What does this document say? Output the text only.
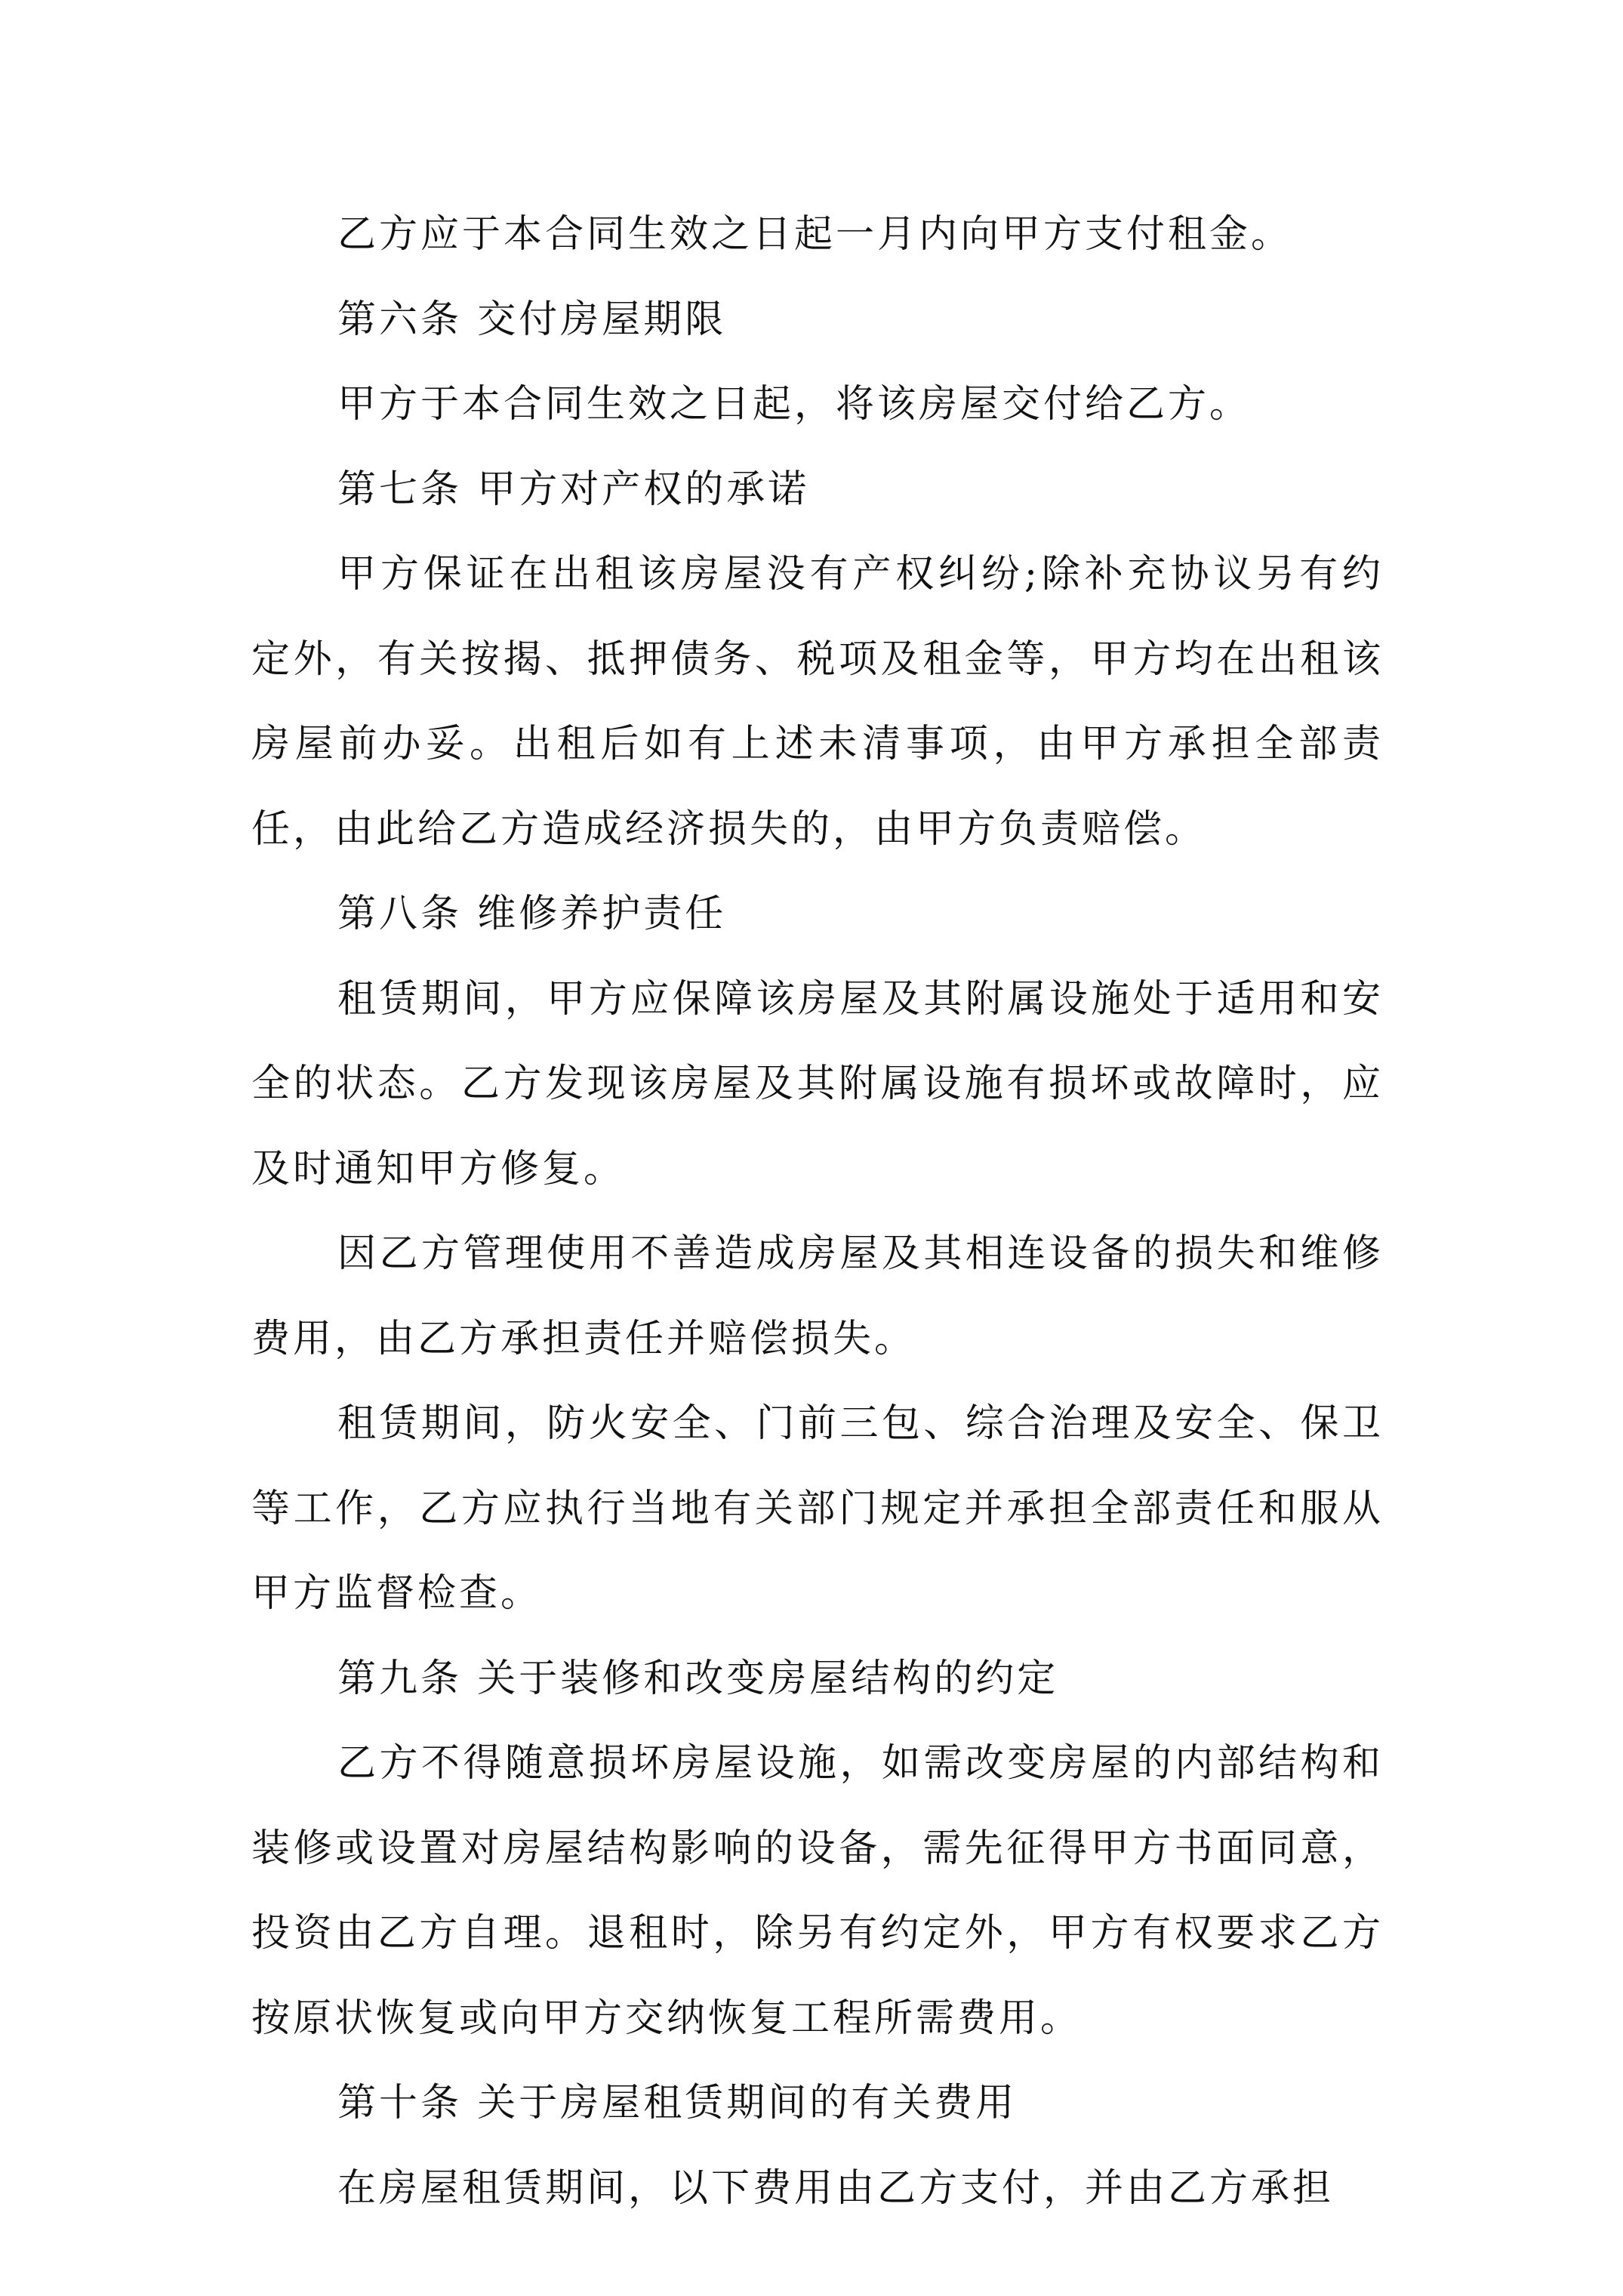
乙方应于本合同生效之日起一月内向甲方支付租金。

第六条 交付房屋期限

甲方于本合同生效之日起，将该房屋交付给乙方。

第七条 甲方对产权的承诺

甲方保证在出租该房屋没有产权纠纷;除补充协议另有约定外，有关按揭、抵押债务、税项及租金等，甲方均在出租该房屋前办妥。出租后如有上述未清事项，由甲方承担全部责任，由此给乙方造成经济损失的，由甲方负责赔偿。

第八条 维修养护责任

租赁期间，甲方应保障该房屋及其附属设施处于适用和安全的状态。乙方发现该房屋及其附属设施有损坏或故障时，应及时通知甲方修复。

因乙方管理使用不善造成房屋及其相连设备的损失和维修费用，由乙方承担责任并赔偿损失。

租赁期间，防火安全、门前三包、综合治理及安全、保卫等工作，乙方应执行当地有关部门规定并承担全部责任和服从甲方监督检查。

第九条 关于装修和改变房屋结构的约定

乙方不得随意损坏房屋设施，如需改变房屋的内部结构和装修或设置对房屋结构影响的设备，需先征得甲方书面同意，投资由乙方自理。退租时，除另有约定外，甲方有权要求乙方按原状恢复或向甲方交纳恢复工程所需费用。

第十条 关于房屋租赁期间的有关费用

在房屋租赁期间，以下费用由乙方支付，并由乙方承担
